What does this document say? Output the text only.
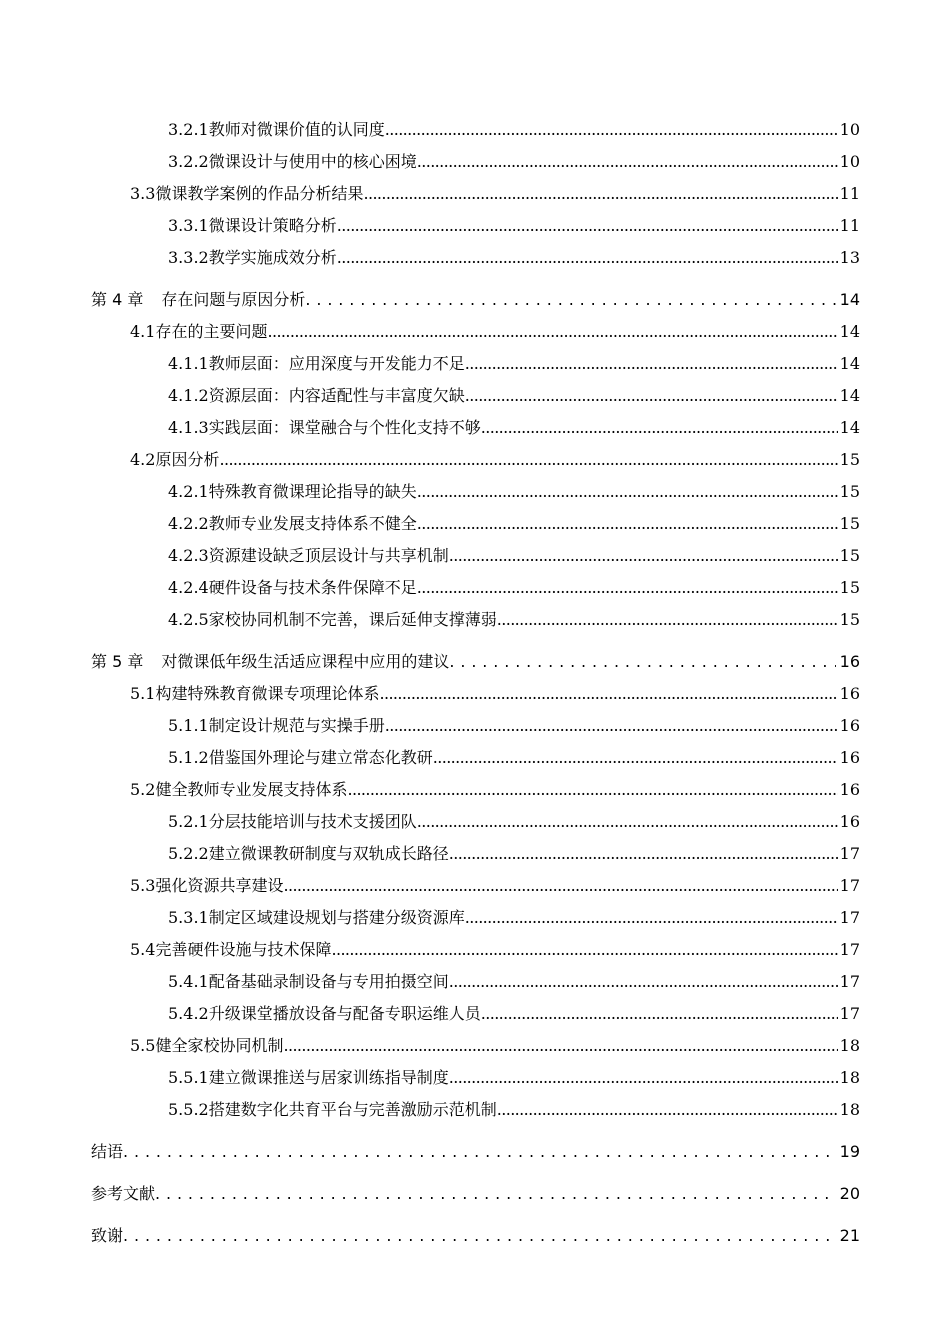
3.2.1 教师对微课价值的认同度 .....	10
3.2.2 微课设计与使用中的核心困境 .....	10
3.3 微课教学案例的作品分析结果 .....	11
3.3.1 微课设计策略分析 .....	11
3.3.2 教学实施成效分析 .....	13
第 4 章 存在问题与原因分析 . . .	14
4.1 存在的主要问题 .....	14
4.1.1 教师层面：应用深度与开发能力不足 .....	14
4.1.2 资源层面：内容适配性与丰富度欠缺 .....	14
4.1.3 实践层面：课堂融合与个性化支持不够 .....	14
4.2 原因分析 .....	15
4.2.1 特殊教育微课理论指导的缺失 .....	15
4.2.2 教师专业发展支持体系不健全 .....	15
4.2.3 资源建设缺乏顶层设计与共享机制 .....	15
4.2.4 硬件设备与技术条件保障不足 .....	15
4.2.5 家校协同机制不完善，课后延伸支撑薄弱 .....	15
第 5 章 对微课低年级生活适应课程中应用的建议 . . .	16
5.1 构建特殊教育微课专项理论体系 .....	16
5.1.1 制定设计规范与实操手册 .....	16
5.1.2 借鉴国外理论与建立常态化教研 .....	16
5.2 健全教师专业发展支持体系 .....	16
5.2.1 分层技能培训与技术支援团队 .....	16
5.2.2 建立微课教研制度与双轨成长路径 .....	17
5.3 强化资源共享建设 .....	17
5.3.1 制定区域建设规划与搭建分级资源库 .....	17
5.4 完善硬件设施与技术保障 .....	17
5.4.1 配备基础录制设备与专用拍摄空间 .....	17
5.4.2 升级课堂播放设备与配备专职运维人员 .....	17
5.5 健全家校协同机制 .....	18
5.5.1 建立微课推送与居家训练指导制度 .....	18
5.5.2 搭建数字化共育平台与完善激励示范机制 .....	18
结语 . . .	19
参考文献 . . .	20
致谢 . . .	21
